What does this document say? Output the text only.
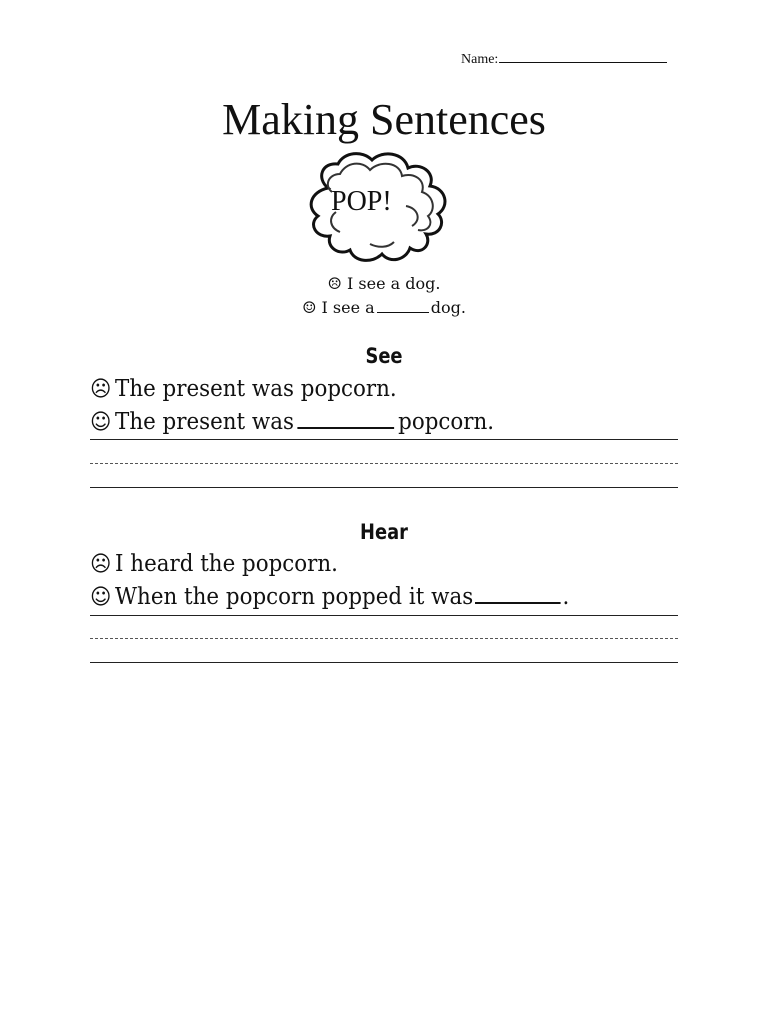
Name:
Making Sentences
POP!
☹ I see a dog.
☺ I see a	dog.
See
☹ The present was popcorn.
☺ The present was	popcorn.
Hear
☹ I heard the popcorn.
☺ When the popcorn popped it was	.
